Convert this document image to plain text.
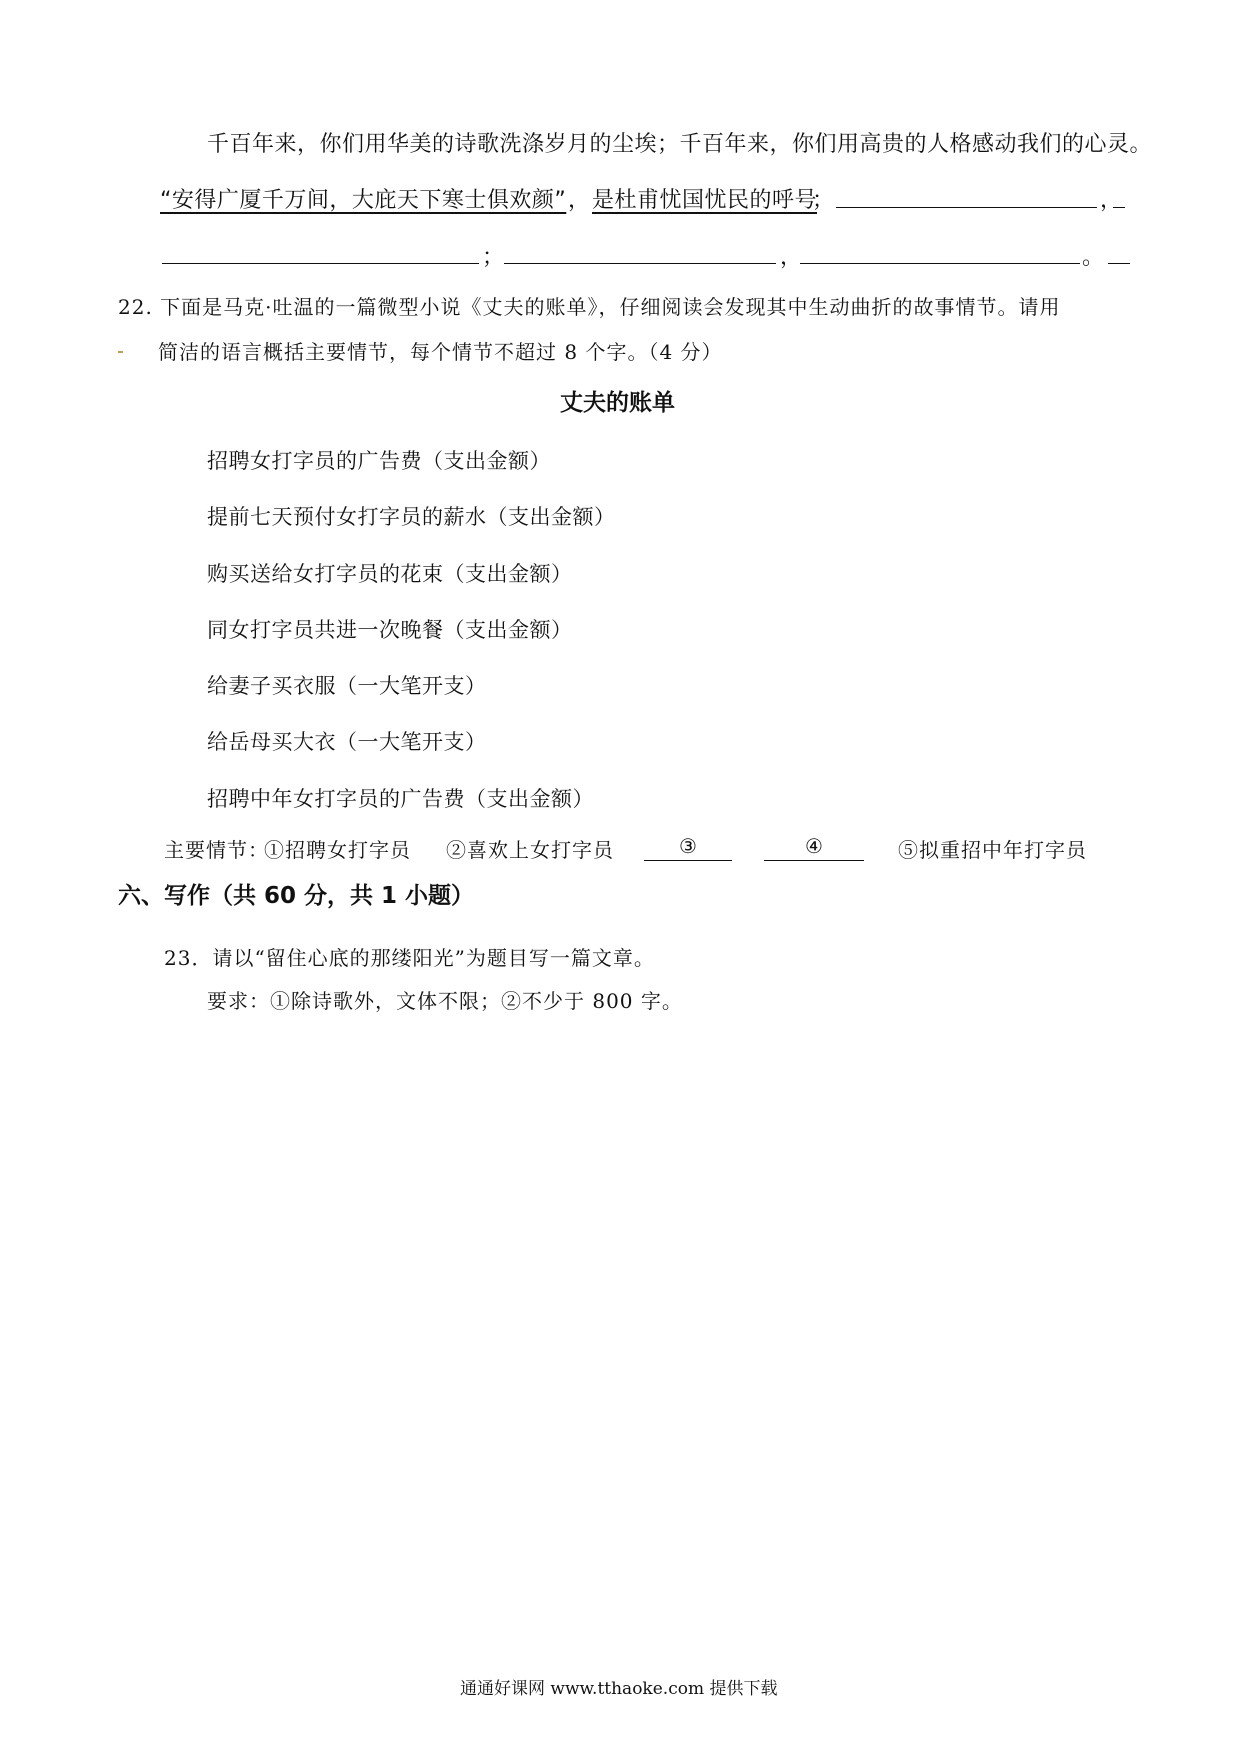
千百年来，你们用华美的诗歌洗涤岁月的尘埃；千百年来，你们用高贵的人格感动我们的心灵。
“安得广厦千万间，大庇天下寒士俱欢颜” ， 是杜甫忧国忧民的呼号
；	，
；	，	。
22. 下面是马克·吐温的一篇微型小说《丈夫的账单》，仔细阅读会发现其中生动曲折的故事情节。请用
简洁的语言概括主要情节，每个情节不超过 8 个字。（4 分）
丈夫的账单
招聘女打字员的广告费（支出金额）
提前七天预付女打字员的薪水（支出金额）
购买送给女打字员的花束（支出金额）
同女打字员共进一次晚餐（支出金额）
给妻子买衣服（一大笔开支）
给岳母买大衣（一大笔开支）
招聘中年女打字员的广告费（支出金额）
主要情节：
①招聘女打字员 ②喜欢上女打字员	③	④	⑤拟重招中年打字员
六、写作（共 60 分，共 1 小题）
23．请以“留住心底的那缕阳光”为题目写一篇文章。
要求：①除诗歌外，文体不限；②不少于 800 字。
通通好课网 www.tthaoke.com 提供下载
